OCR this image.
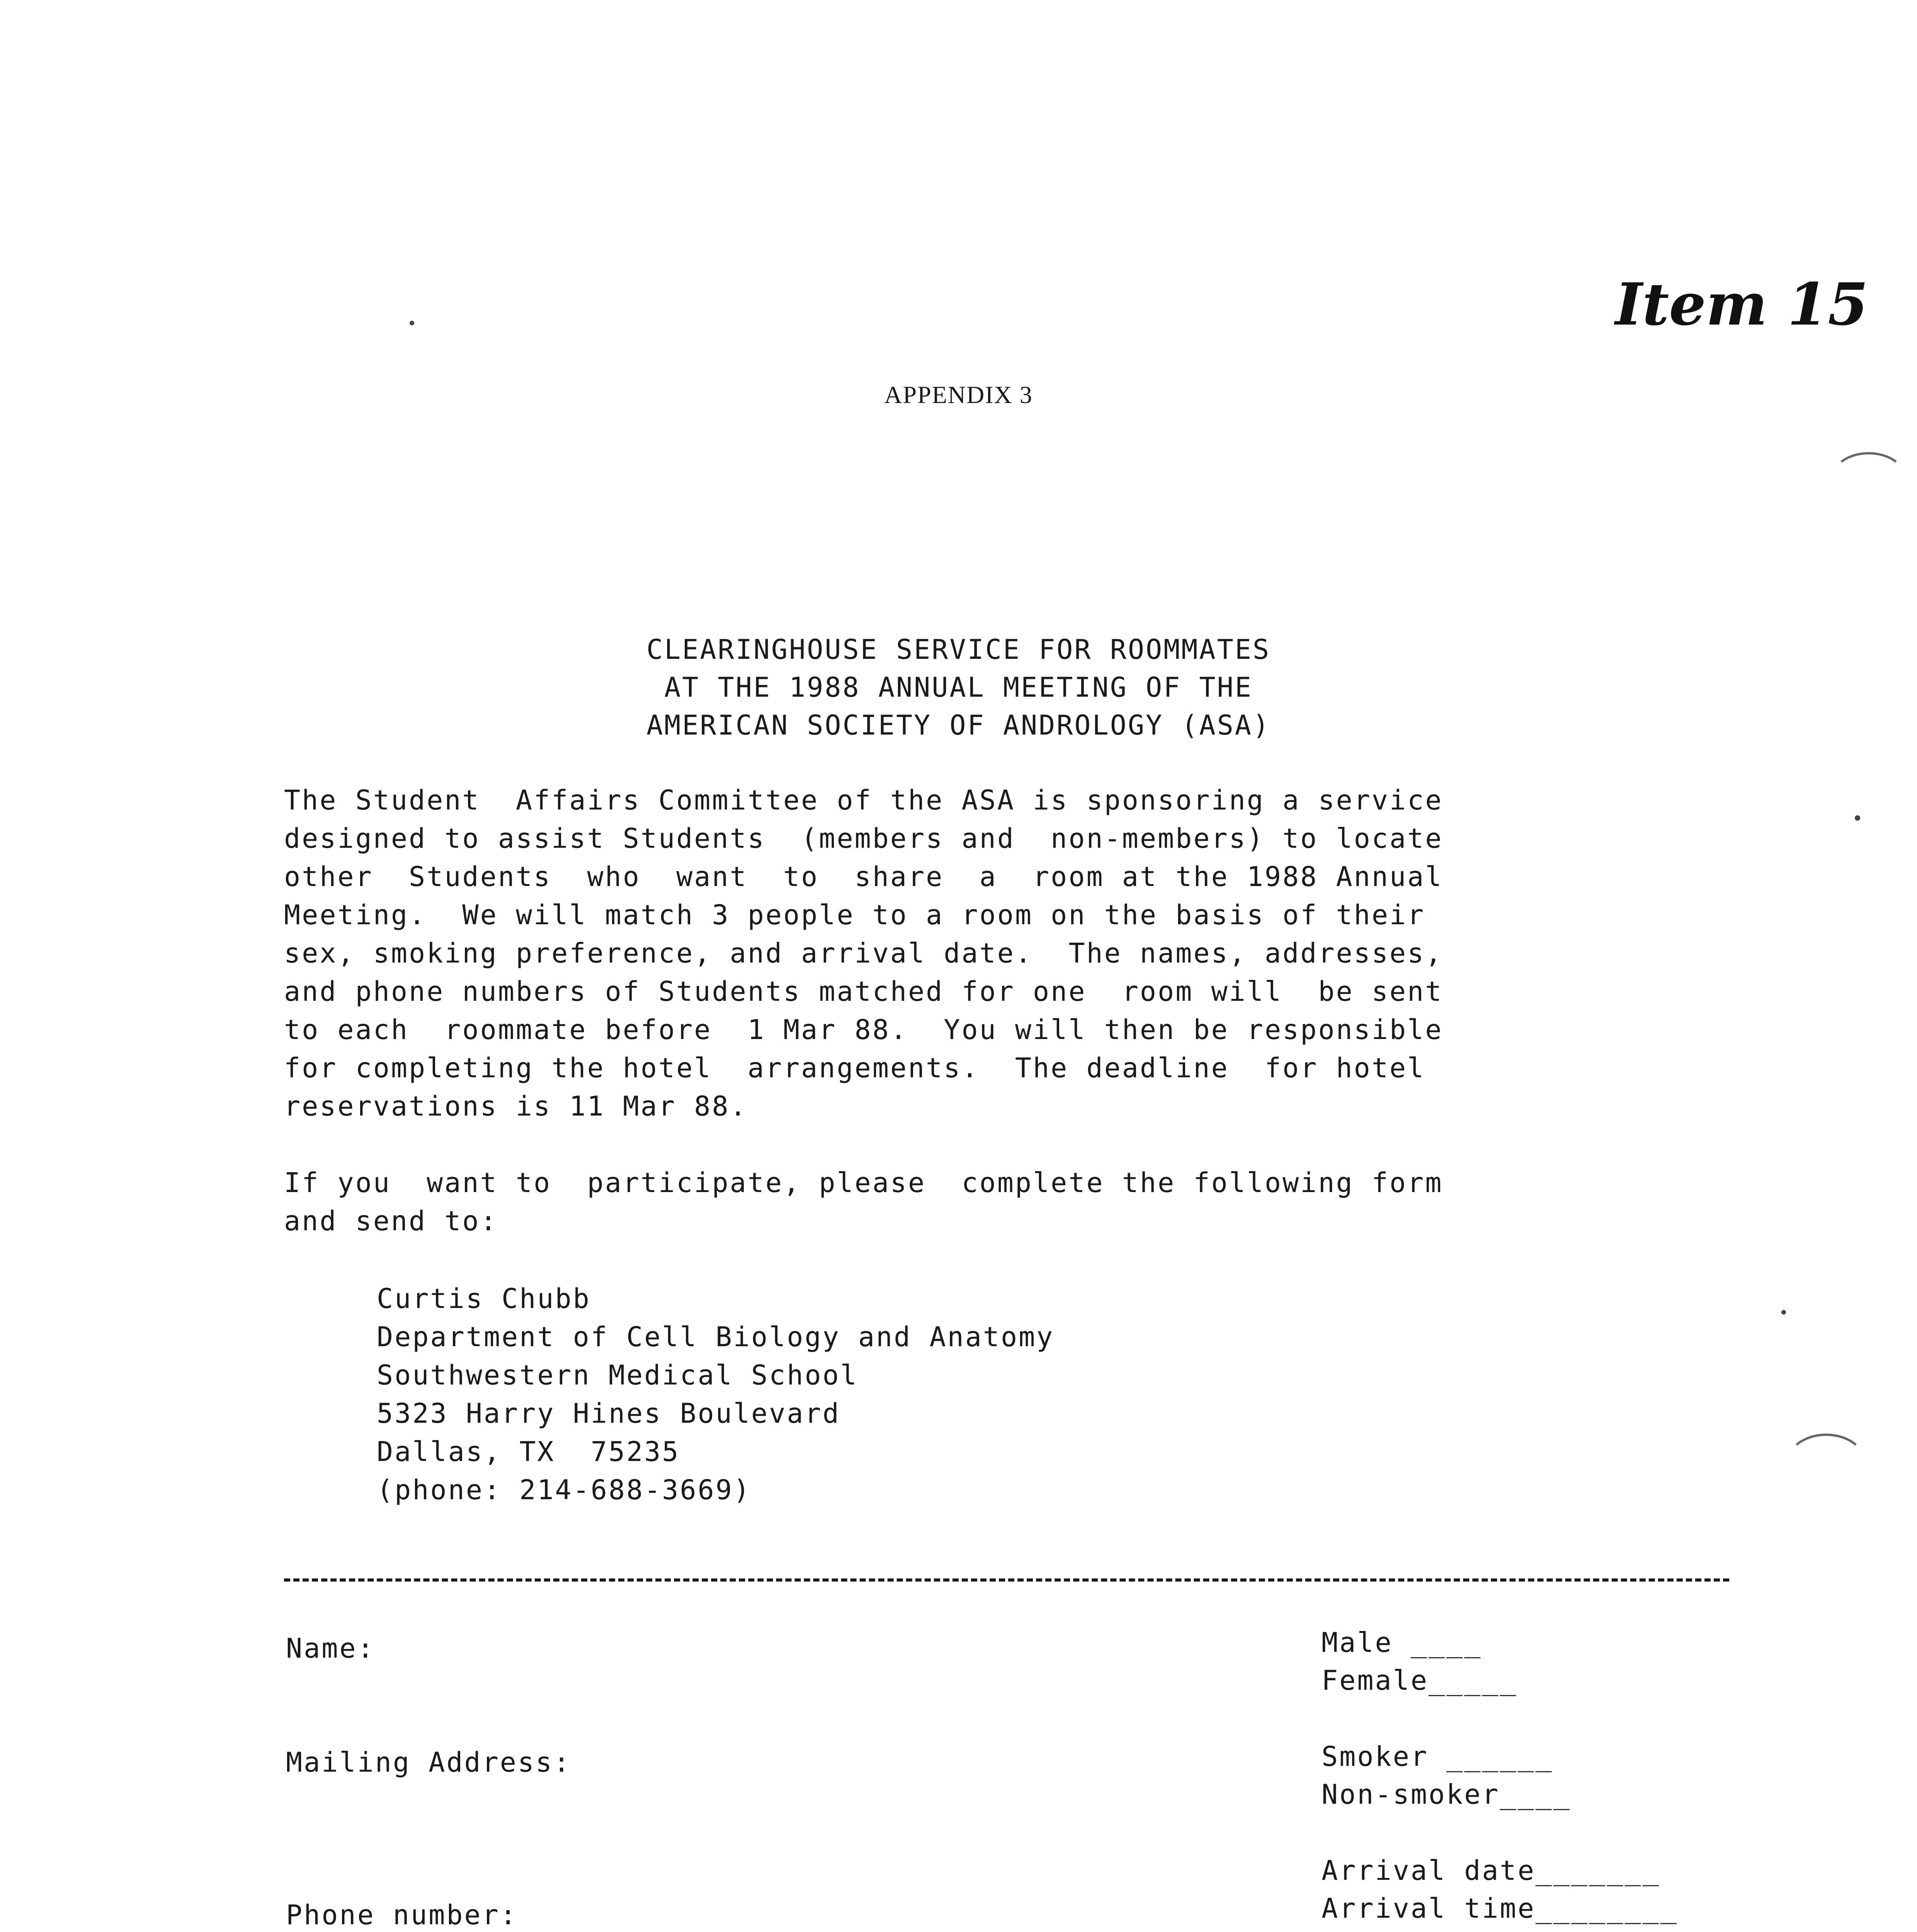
Item 15
APPENDIX 3
CLEARINGHOUSE SERVICE FOR ROOMMATES
AT THE 1988 ANNUAL MEETING OF THE
AMERICAN SOCIETY OF ANDROLOGY (ASA)
The Student  Affairs Committee of the ASA is sponsoring a service
designed to assist Students  (members and  non-members) to locate
other  Students  who  want  to  share  a  room at the 1988 Annual
Meeting.  We will match 3 people to a room on the basis of their
sex, smoking preference, and arrival date.  The names, addresses,
and phone numbers of Students matched for one  room will  be sent
to each  roommate before  1 Mar 88.  You will then be responsible
for completing the hotel  arrangements.  The deadline  for hotel
reservations is 11 Mar 88.
If you  want to  participate, please  complete the following form
and send to:
Curtis Chubb
Department of Cell Biology and Anatomy
Southwestern Medical School
5323 Harry Hines Boulevard
Dallas, TX  75235
(phone: 214-688-3669)
Name:
Mailing Address:
Phone number:
Male ____
Female_____
Smoker ______
Non-smoker____
Arrival date_______
Arrival time________
